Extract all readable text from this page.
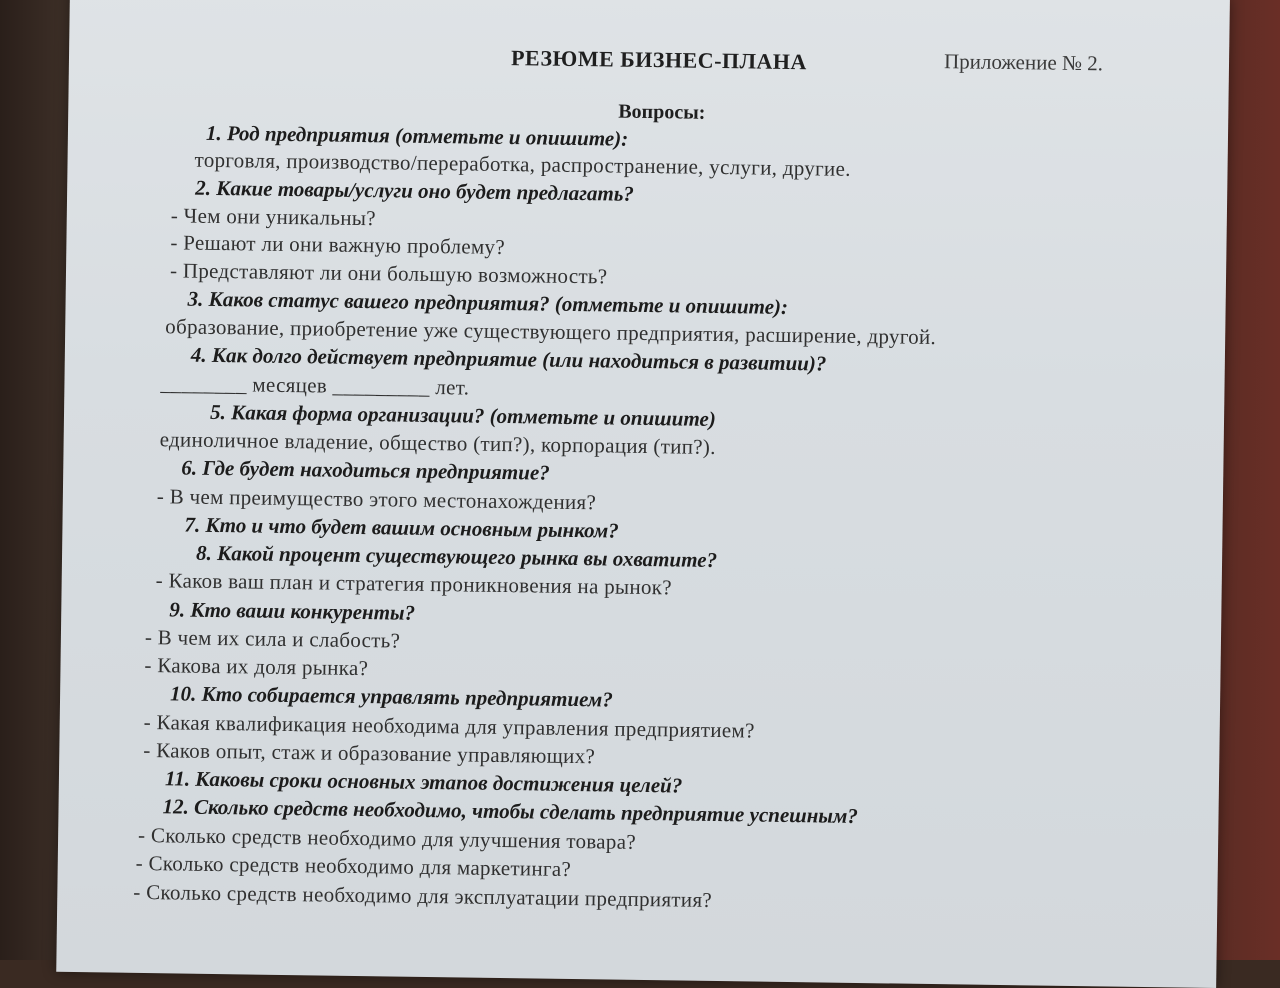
Приложение № 2.
РЕЗЮМЕ БИЗНЕС-ПЛАНА
Вопросы:
1. Род предприятия (отметьте и опишите):
торговля, производство/переработка, распространение, услуги, другие.
2. Какие товары/услуги оно будет предлагать?
- Чем они уникальны?
- Решают ли они важную проблему?
- Представляют ли они большую возможность?
3. Каков статус вашего предприятия? (отметьте и опишите):
образование, приобретение уже существующего предприятия, расширение, другой.
4. Как долго действует предприятие (или находиться в развитии)?
________ месяцев _________ лет.
5. Какая форма организации? (отметьте и опишите)
единоличное владение, общество (тип?), корпорация (тип?).
6. Где будет находиться предприятие?
- В чем преимущество этого местонахождения?
7. Кто и что будет вашим основным рынком?
8. Какой процент существующего рынка вы охватите?
- Каков ваш план и стратегия проникновения на рынок?
9. Кто ваши конкуренты?
- В чем их сила и слабость?
- Какова их доля рынка?
10. Кто собирается управлять предприятием?
- Какая квалификация необходима для управления предприятием?
- Каков опыт, стаж и образование управляющих?
11. Каковы сроки основных этапов достижения целей?
12. Сколько средств необходимо, чтобы сделать предприятие успешным?
- Сколько средств необходимо для улучшения товара?
- Сколько средств необходимо для маркетинга?
- Сколько средств необходимо для эксплуатации предприятия?
